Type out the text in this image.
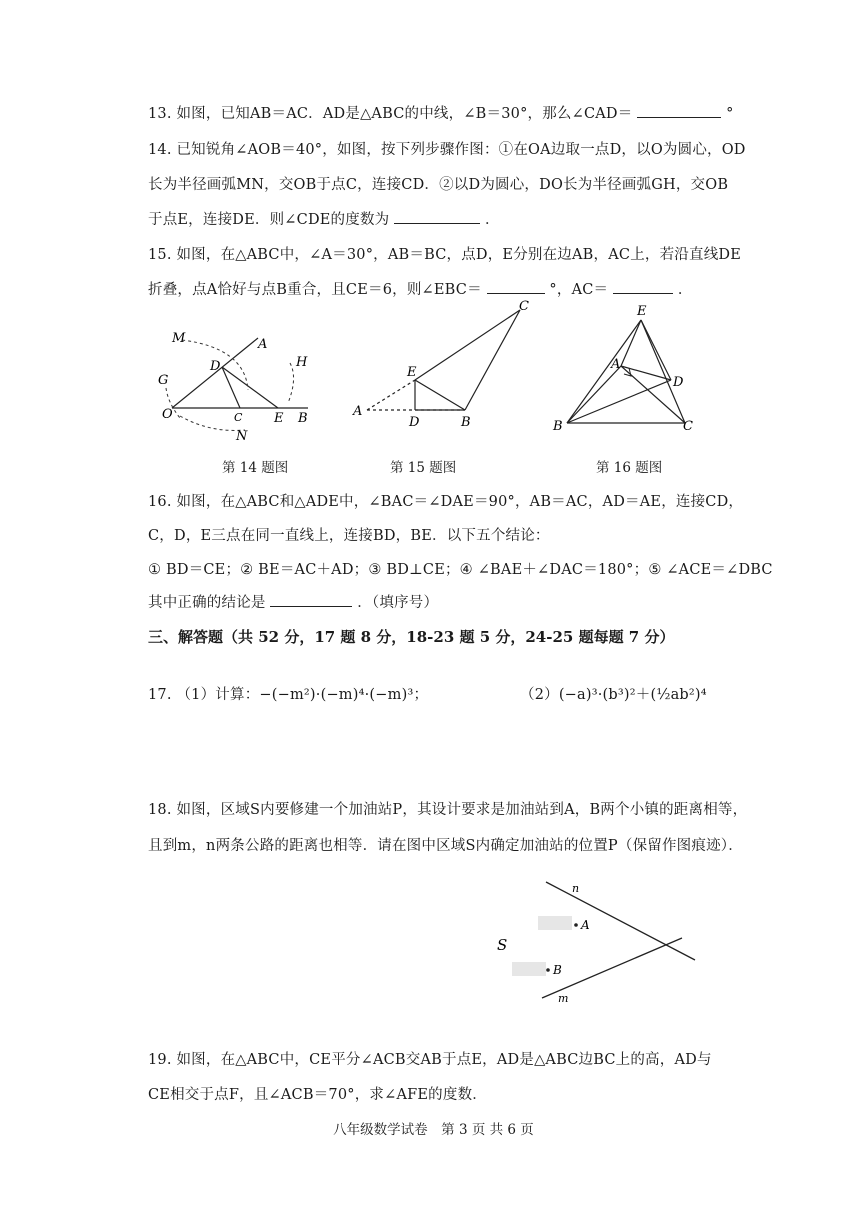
13. 如图，已知AB＝AC．AD是△ABC的中线，∠B＝30°，那么∠CAD＝	°
14. 已知锐角∠AOB＝40°，如图，按下列步骤作图：①在OA边取一点D，以O为圆心，OD
长为半径画弧MN，交OB于点C，连接CD．②以D为圆心，DO长为半径画弧GH，交OB
于点E，连接DE．则∠CDE的度数为	．
15. 如图，在△ABC中，∠A＝30°，AB＝BC，点D，E分别在边AB，AC上，若沿直线DE
折叠，点A恰好与点B重合，且CE＝6，则∠EBC＝	°，AC＝	．
M	A
D	H
G
O	C E B
N
C
E
A
D	B
E
A
D
B	C
第 14 题图	第 15 题图	第 16 题图
16. 如图，在△ABC和△ADE中，∠BAC＝∠DAE＝90°，AB＝AC，AD＝AE，连接CD，
C，D，E三点在同一直线上，连接BD，BE．以下五个结论：
① BD＝CE；② BE＝AC＋AD；③ BD⊥CE；④ ∠BAE＋∠DAC＝180°；⑤ ∠ACE＝∠DBC
其中正确的结论是	．（填序号）
三、解答题（共 52 分，17 题 8 分，18-23 题 5 分，24-25 题每题 7 分）
17. （1）计算：−(−m²)·(−m)⁴·(−m)³；	（2）(−a)³·(b³)²＋(½ab²)⁴
18. 如图，区域S内要修建一个加油站P，其设计要求是加油站到A，B两个小镇的距离相等，
且到m，n两条公路的距离也相等．请在图中区域S内确定加油站的位置P（保留作图痕迹）．
n
m
S
A
B
19. 如图，在△ABC中，CE平分∠ACB交AB于点E，AD是△ABC边BC上的高，AD与
CE相交于点F，且∠ACB＝70°，求∠AFE的度数．
八年级数学试卷　第 3 页 共 6 页
